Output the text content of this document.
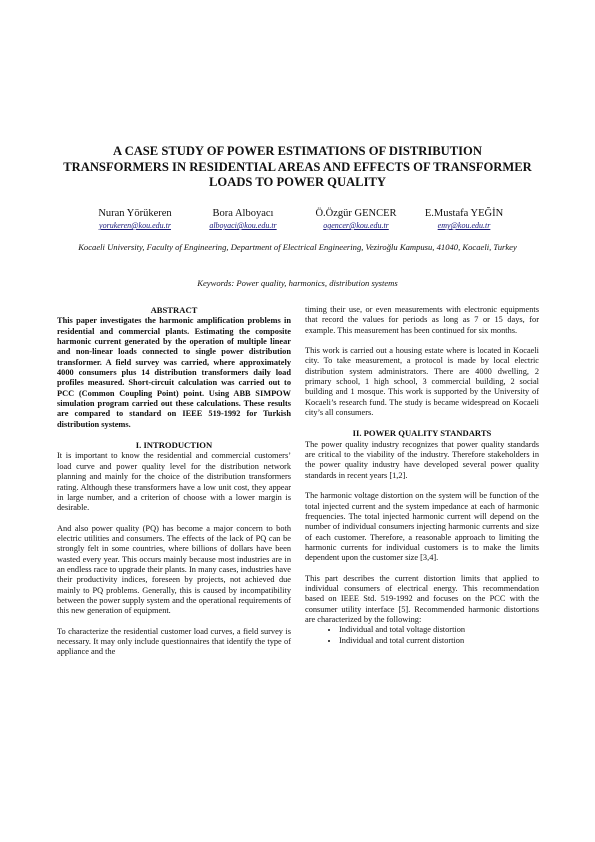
A CASE STUDY OF POWER ESTIMATIONS OF DISTRIBUTION TRANSFORMERS IN RESIDENTIAL AREAS AND EFFECTS OF TRANSFORMER LOADS TO POWER QUALITY
Nuran Yörükeren
yorukeren@kou.edu.tr
Bora Alboyacı
alboyaci@kou.edu.tr
Ö.Özgür GENCER
ogencer@kou.edu.tr
E.Mustafa YEĞİN
emy@kou.edu.tr
Kocaeli University, Faculty of Engineering, Department of Electrical Engineering, Veziroğlu Kampusu, 41040, Kocaeli, Turkey
Keywords: Power quality, harmonics, distribution systems
ABSTRACT

This paper investigates the harmonic amplification problems in residential and commercial plants. Estimating the composite harmonic current generated by the operation of multiple linear and non-linear loads connected to single power distribution transformer. A field survey was carried, where approximately 4000 consumers plus 14 distribution transformers daily load profiles measured. Short-circuit calculation was carried out to PCC (Common Coupling Point) point. Using ABB SIMPOW simulation program carried out these calculations. These results are compared to standard on IEEE 519-1992 for Turkish distribution systems.

I. INTRODUCTION

It is important to know the residential and commercial customers’ load curve and power quality level for the distribution network planning and mainly for the choice of the distribution transformers rating. Although these transformers have a low unit cost, they appear in large number, and a criterion of choose with a lower margin is desirable.

And also power quality (PQ) has become a major concern to both electric utilities and consumers. The effects of the lack of PQ can be strongly felt in some countries, where billions of dollars have been wasted every year. This occurs mainly because most industries are in an endless race to upgrade their plants. In many cases, industries have their productivity indices, foreseen by projects, not achieved due mainly to PQ problems. Generally, this is caused by incompatibility between the power supply system and the operational requirements of this new generation of equipment.

To characterize the residential customer load curves, a field survey is necessary. It may only include questionnaires that identify the type of appliance and the

timing their use, or even measurements with electronic equipments that record the values for periods as long as 7 or 15 days, for example. This measurement has been continued for six months.

This work is carried out a housing estate where is located in Kocaeli city. To take measurement, a protocol is made by local electric distribution system administrators. There are 4000 dwelling, 2 primary school, 1 high school, 3 commercial building, 2 social building and 1 mosque. This work is supported by the University of Kocaeli’s research fund. The study is became widespread on Kocaeli city’s all consumers.

II. POWER QUALITY STANDARTS

The power quality industry recognizes that power quality standards are critical to the viability of the industry. Therefore stakeholders in the power quality industry have developed several power quality standards in recent years [1,2].

The harmonic voltage distortion on the system will be function of the total injected current and the system impedance at each of harmonic frequencies. The total injected harmonic current will depend on the number of individual consumers injecting harmonic currents and size of each customer. Therefore, a reasonable approach to limiting the harmonic currents for individual customers is to make the limits dependent upon the customer size [3,4].

This part describes the current distortion limits that applied to individual consumers of electrical energy. This recommendation based on IEEE Std. 519-1992 and focuses on the PCC with the consumer utility interface [5]. Recommended harmonic distortions are characterized by the following:

• Individual and total voltage distortion
• Individual and total current distortion
